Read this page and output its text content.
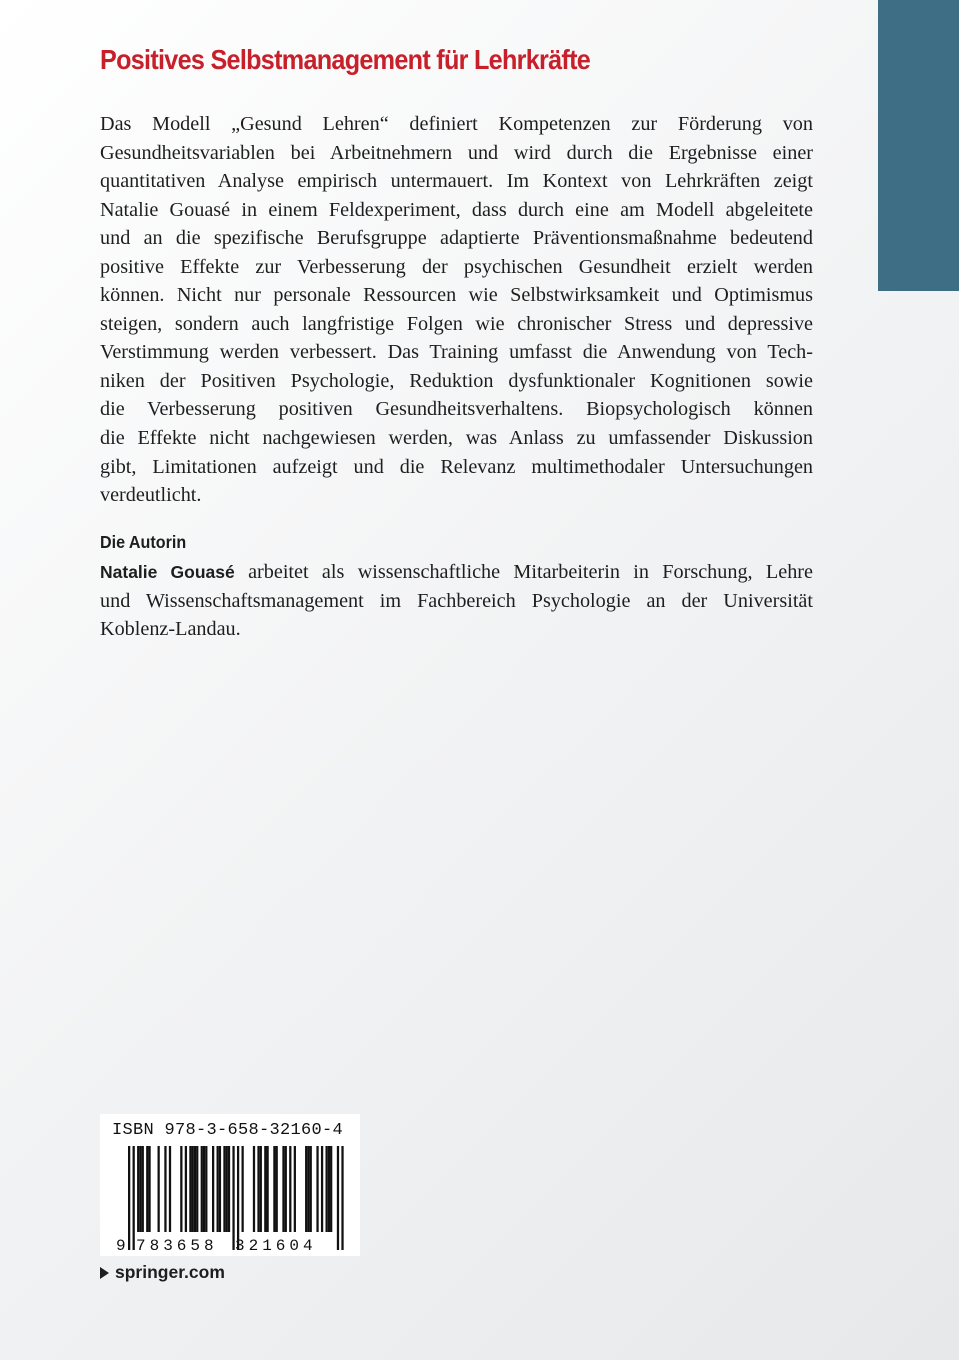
Positives Selbstmanagement für Lehrkräfte
Das Modell „Gesund Lehren“ definiert Kompetenzen zur Förderung von
Gesundheitsvariablen bei Arbeitnehmern und wird durch die Ergebnisse einer
quantitativen Analyse empirisch untermauert. Im Kontext von Lehrkräften zeigt
Natalie Gouasé in einem Feldexperiment, dass durch eine am Modell abgeleitete
und an die spezifische Berufsgruppe adaptierte Präventionsmaßnahme bedeutend
positive Effekte zur Verbesserung der psychischen Gesundheit erzielt werden
können. Nicht nur personale Ressourcen wie Selbstwirksamkeit und Optimismus
steigen, sondern auch langfristige Folgen wie chronischer Stress und depressive
Verstimmung werden verbessert. Das Training umfasst die Anwendung von Tech-
niken der Positiven Psychologie, Reduktion dysfunktionaler Kognitionen sowie
die Verbesserung positiven Gesundheitsverhaltens. Biopsychologisch können
die Effekte nicht nachgewiesen werden, was Anlass zu umfassender Diskussion
gibt, Limitationen aufzeigt und die Relevanz multimethodaler Untersuchungen
verdeutlicht.
Die Autorin
Natalie Gouasé arbeitet als wissenschaftliche Mitarbeiterin in Forschung, Lehre
und Wissenschaftsmanagement im Fachbereich Psychologie an der Universität
Koblenz-Landau.
ISBN 978-3-658-32160-4
9 783658 321604
springer.com
